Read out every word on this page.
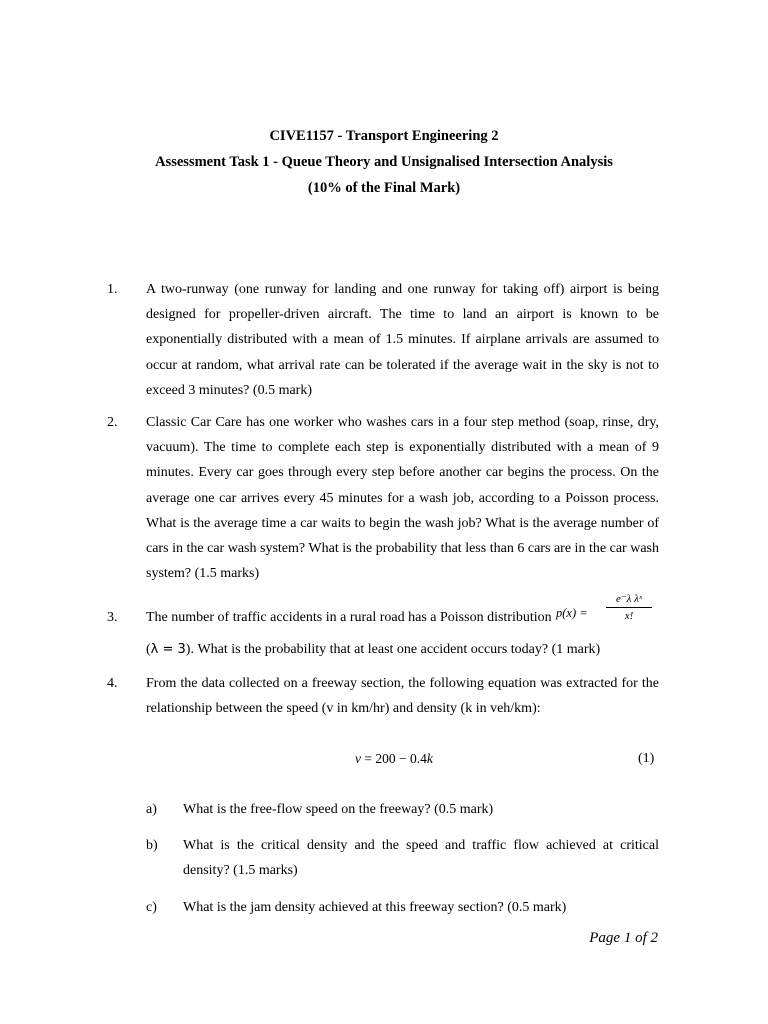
CIVE1157 - Transport Engineering 2
Assessment Task 1 - Queue Theory and Unsignalised Intersection Analysis
(10% of the Final Mark)
1. A two-runway (one runway for landing and one runway for taking off) airport is being designed for propeller-driven aircraft. The time to land an airport is known to be exponentially distributed with a mean of 1.5 minutes. If airplane arrivals are assumed to occur at random, what arrival rate can be tolerated if the average wait in the sky is not to exceed 3 minutes? (0.5 mark)
2. Classic Car Care has one worker who washes cars in a four step method (soap, rinse, dry, vacuum). The time to complete each step is exponentially distributed with a mean of 9 minutes. Every car goes through every step before another car begins the process. On the average one car arrives every 45 minutes for a wash job, according to a Poisson process. What is the average time a car waits to begin the wash job? What is the average number of cars in the car wash system? What is the probability that less than 6 cars are in the car wash system? (1.5 marks)
3. The number of traffic accidents in a rural road has a Poisson distribution p(x) =
e⁻λ λˣ
x!
(λ = 3). What is the probability that at least one accident occurs today? (1 mark)
4. From the data collected on a freeway section, the following equation was extracted for the relationship between the speed (v in km/hr) and density (k in veh/km):
v = 200 − 0.4k	(1)
a) What is the free-flow speed on the freeway? (0.5 mark)
b) What is the critical density and the speed and traffic flow achieved at critical density? (1.5 marks)
c) What is the jam density achieved at this freeway section? (0.5 mark)
Page 1 of 2
